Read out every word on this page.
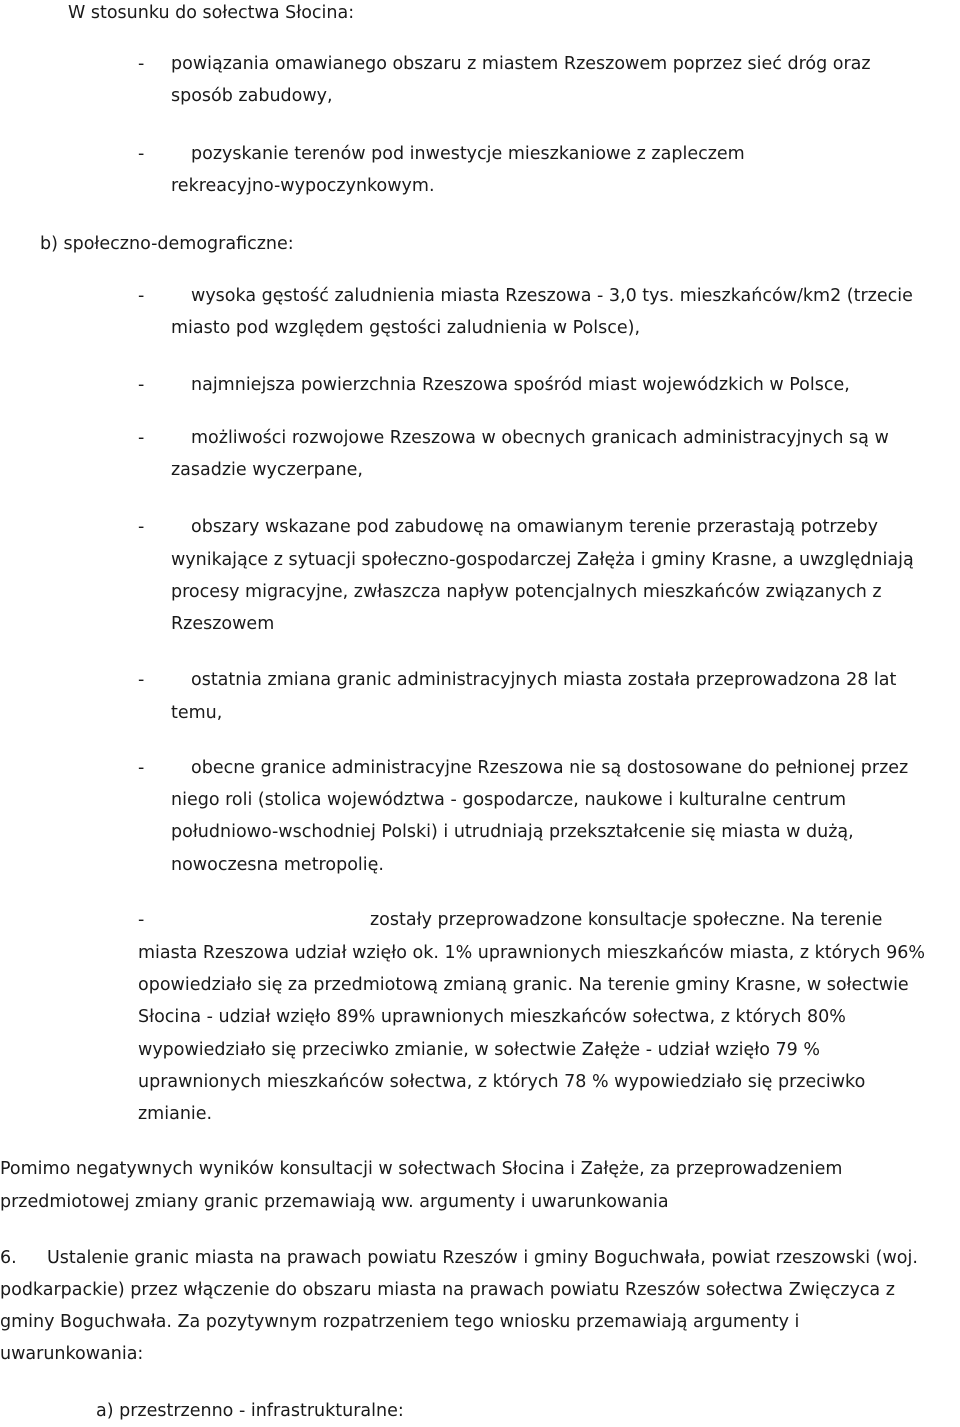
W stosunku do sołectwa Słocina:
- powiązania omawianego obszaru z miastem Rzeszowem poprzez sieć dróg oraz
sposób zabudowy,
-	pozyskanie terenów pod inwestycje mieszkaniowe z zapleczem
rekreacyjno-wypoczynkowym.
b) społeczno-demograficzne:
-	wysoka gęstość zaludnienia miasta Rzeszowa - 3,0 tys. mieszkańców/km2 (trzecie
miasto pod względem gęstości zaludnienia w Polsce),
-	najmniejsza powierzchnia Rzeszowa spośród miast wojewódzkich w Polsce,
-	możliwości rozwojowe Rzeszowa w obecnych granicach administracyjnych są w
zasadzie wyczerpane,
-	obszary wskazane pod zabudowę na omawianym terenie przerastają potrzeby
wynikające z sytuacji społeczno-gospodarczej Załęża i gminy Krasne, a uwzględniają
procesy migracyjne, zwłaszcza napływ potencjalnych mieszkańców związanych z
Rzeszowem
-	ostatnia zmiana granic administracyjnych miasta została przeprowadzona 28 lat
temu,
-	obecne granice administracyjne Rzeszowa nie są dostosowane do pełnionej przez
niego roli (stolica województwa - gospodarcze, naukowe i kulturalne centrum
południowo-wschodniej Polski) i utrudniają przekształcenie się miasta w dużą,
nowoczesna metropolię.
-	zostały przeprowadzone konsultacje społeczne. Na terenie
miasta Rzeszowa udział wzięło ok. 1% uprawnionych mieszkańców miasta, z których 96%
opowiedziało się za przedmiotową zmianą granic. Na terenie gminy Krasne, w sołectwie
Słocina - udział wzięło 89% uprawnionych mieszkańców sołectwa, z których 80%
wypowiedziało się przeciwko zmianie, w sołectwie Załęże - udział wzięło 79 %
uprawnionych mieszkańców sołectwa, z których 78 % wypowiedziało się przeciwko
zmianie.
Pomimo negatywnych wyników konsultacji w sołectwach Słocina i Załęże, za przeprowadzeniem
przedmiotowej zmiany granic przemawiają ww. argumenty i uwarunkowania
6. Ustalenie granic miasta na prawach powiatu Rzeszów i gminy Boguchwała, powiat rzeszowski (woj.
podkarpackie) przez włączenie do obszaru miasta na prawach powiatu Rzeszów sołectwa Zwięczyca z
gminy Boguchwała. Za pozytywnym rozpatrzeniem tego wniosku przemawiają argumenty i
uwarunkowania:
a) przestrzenno - infrastrukturalne:
